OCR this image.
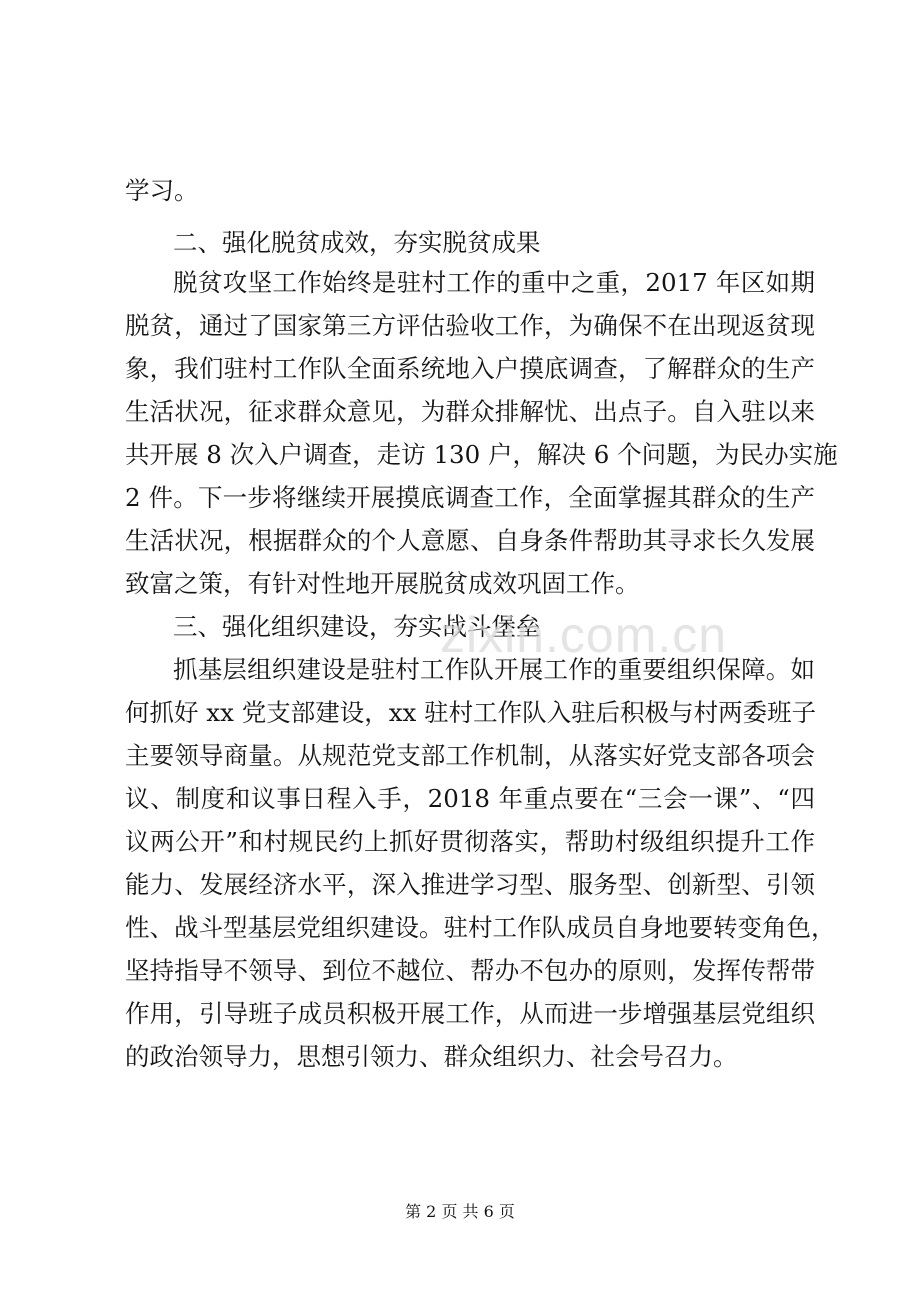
学习。
二、强化脱贫成效，夯实脱贫成果
脱贫攻坚工作始终是驻村工作的重中之重，2017 年区如期
脱贫，通过了国家第三方评估验收工作，为确保不在出现返贫现
象，我们驻村工作队全面系统地入户摸底调查，了解群众的生产
生活状况，征求群众意见，为群众排解忧、出点子。自入驻以来
共开展 8 次入户调查，走访 130 户，解决 6 个问题，为民办实施
2 件。下一步将继续开展摸底调查工作，全面掌握其群众的生产
生活状况，根据群众的个人意愿、自身条件帮助其寻求长久发展
致富之策，有针对性地开展脱贫成效巩固工作。
三、强化组织建设，夯实战斗堡垒
抓基层组织建设是驻村工作队开展工作的重要组织保障。如
何抓好 xx 党支部建设，xx 驻村工作队入驻后积极与村两委班子
主要领导商量。从规范党支部工作机制，从落实好党支部各项会
议、制度和议事日程入手，2018 年重点要在“三会一课”、“四
议两公开”和村规民约上抓好贯彻落实，帮助村级组织提升工作
能力、发展经济水平，深入推进学习型、服务型、创新型、引领
性、战斗型基层党组织建设。驻村工作队成员自身地要转变角色，
坚持指导不领导、到位不越位、帮办不包办的原则，发挥传帮带
作用，引导班子成员积极开展工作，从而进一步增强基层党组织
的政治领导力，思想引领力、群众组织力、社会号召力。
zixin.com.cn
第 2 页 共 6 页
